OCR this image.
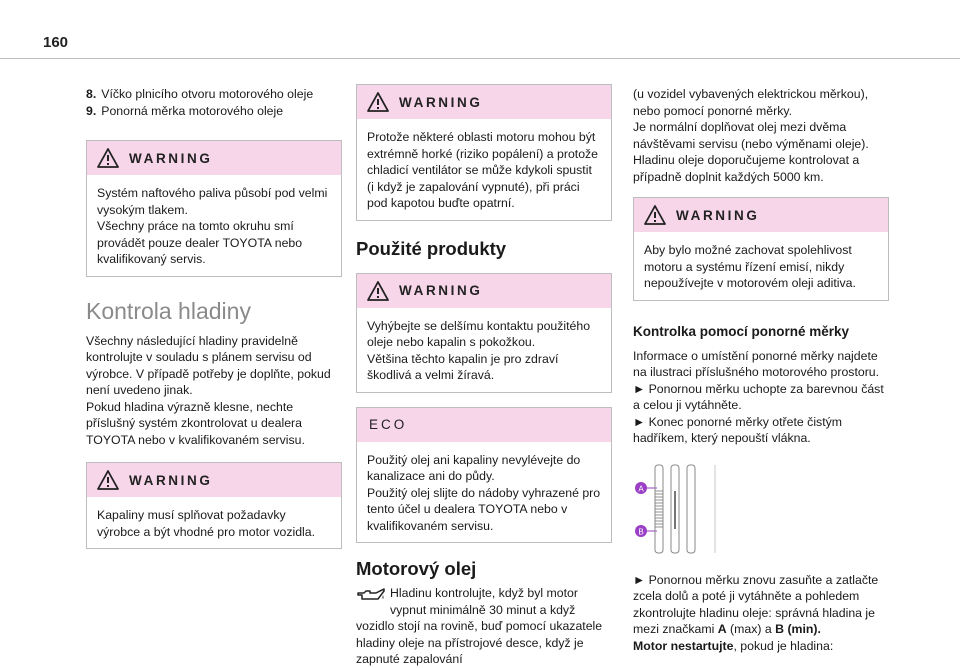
160
8. Víčko plnicího otvoru motorového oleje
9. Ponorná měrka motorového oleje
WARNING
Systém naftového paliva působí pod velmi vysokým tlakem.
Všechny práce na tomto okruhu smí provádět pouze dealer TOYOTA nebo kvalifikovaný servis.
Kontrola hladiny

Všechny následující hladiny pravidelně kontrolujte v souladu s plánem servisu od výrobce. V případě potřeby je doplňte, pokud není uvedeno jinak.
Pokud hladina výrazně klesne, nechte příslušný systém zkontrolovat u dealera TOYOTA nebo v kvalifikovaném servisu.

WARNING
Kapaliny musí splňovat požadavky výrobce a být vhodné pro motor vozidla.
WARNING
Protože některé oblasti motoru mohou být extrémně horké (riziko popálení) a protože chladicí ventilátor se může kdykoli spustit (i když je zapalování vypnuté), při práci pod kapotou buďte opatrní.
Použité produkty
WARNING
Vyhýbejte se delšímu kontaktu použitého oleje nebo kapalin s pokožkou.
Většina těchto kapalin je pro zdraví škodlivá a velmi žíravá.
ECO
Použitý olej ani kapaliny nevylévejte do kanalizace ani do půdy.
Použitý olej slijte do nádoby vyhrazené pro tento účel u dealera TOYOTA nebo v kvalifikovaném servisu.
Motorový olej

Hladinu kontrolujte, když byl motor vypnut minimálně 30 minut a když vozidlo stojí na rovině, buď pomocí ukazatele hladiny oleje na přístrojové desce, když je zapnuté zapalování

(u vozidel vybavených elektrickou měrkou), nebo pomocí ponorné měrky.
Je normální doplňovat olej mezi dvěma návštěvami servisu (nebo výměnami oleje).
Hladinu oleje doporučujeme kontrolovat a případně doplnit každých 5000 km.

WARNING
Aby bylo možné zachovat spolehlivost motoru a systému řízení emisí, nikdy nepoužívejte v motorovém oleji aditiva.
Kontrolka pomocí ponorné měrky

Informace o umístění ponorné měrky najdete na ilustraci příslušného motorového prostoru.
► Ponornou měrku uchopte za barevnou část a celou ji vytáhněte.
► Konec ponorné měrky otřete čistým hadříkem, který nepouští vlákna.

A
B

► Ponornou měrku znovu zasuňte a zatlačte zcela dolů a poté ji vytáhněte a pohledem zkontrolujte hladinu oleje: správná hladina je mezi značkami A (max) a B (min).
Motor nestartujte, pokud je hladina:
